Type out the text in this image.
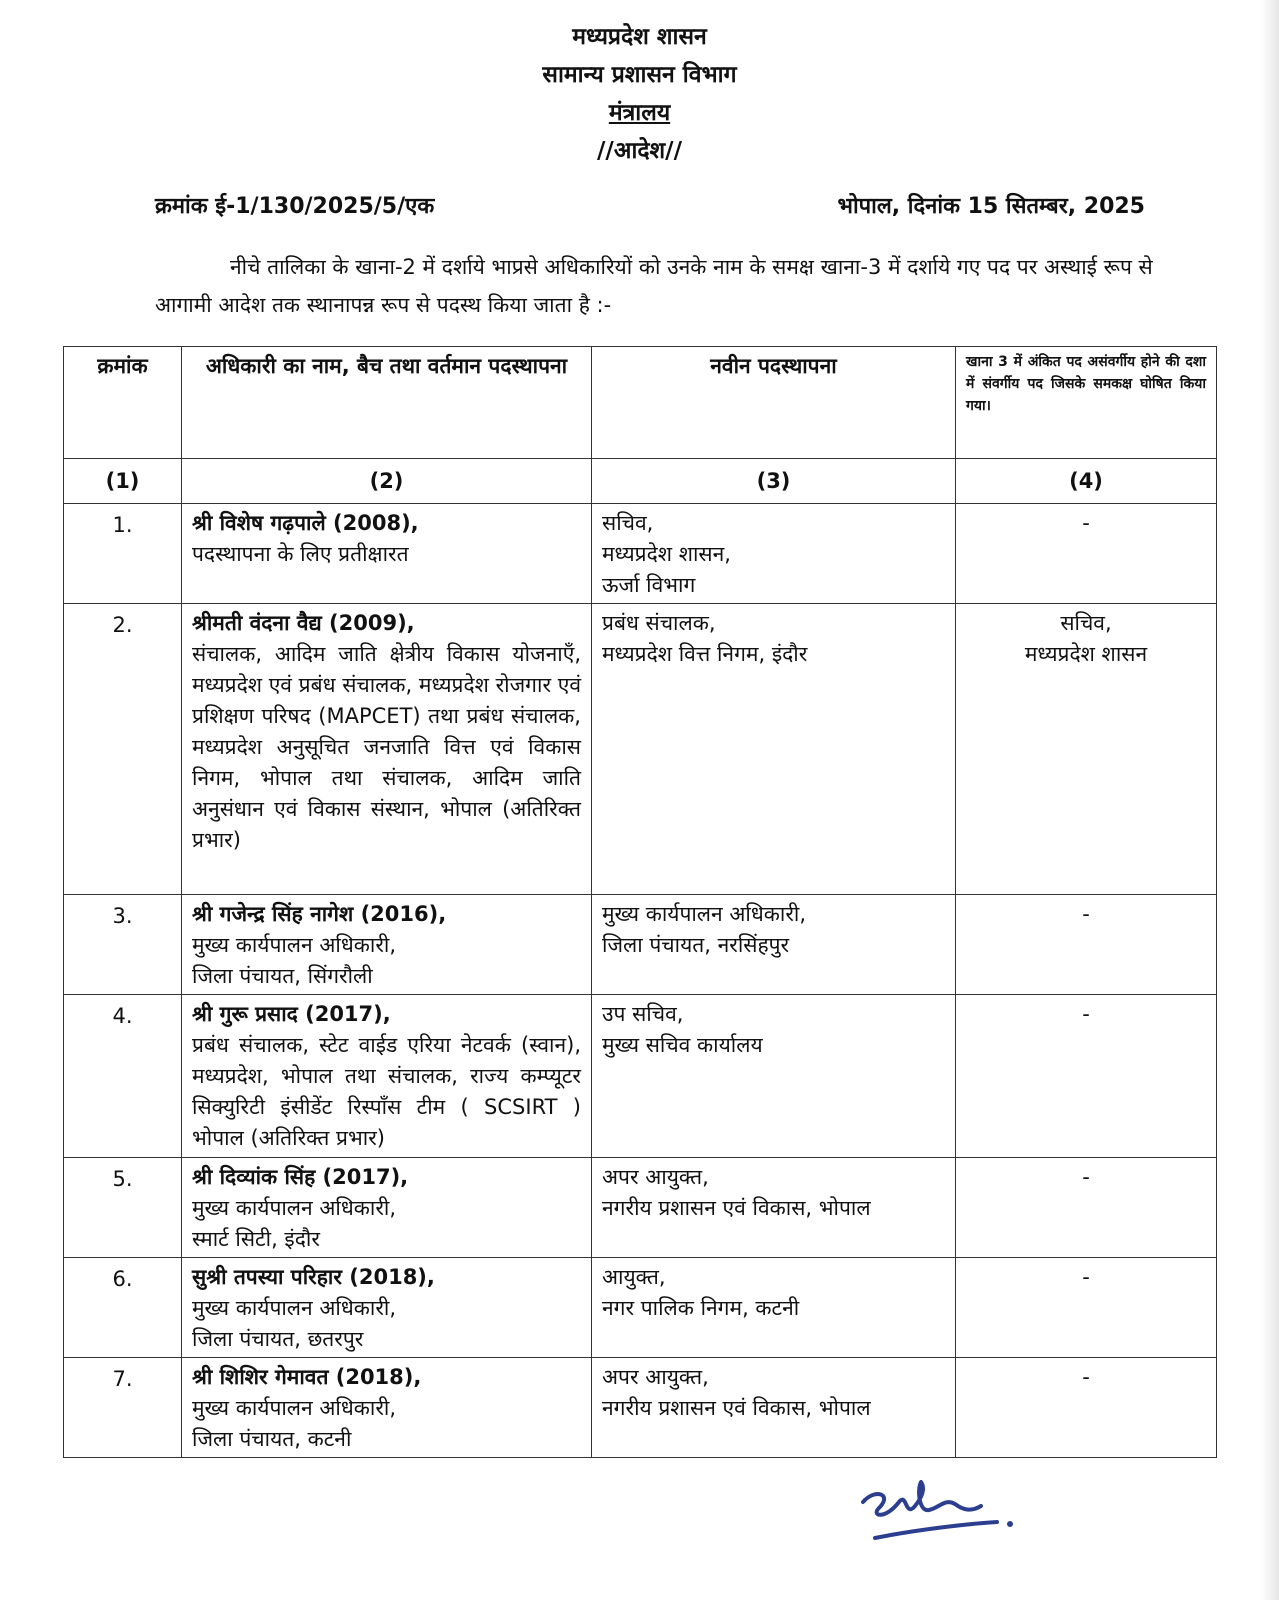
मध्यप्रदेश शासन
सामान्य प्रशासन विभाग
मंत्रालय
//आदेश//
क्रमांक ई-1/130/2025/5/एक	भोपाल, दिनांक 15 सितम्बर, 2025
नीचे तालिका के खाना-2 में दर्शाये भाप्रसे अधिकारियों को उनके नाम के समक्ष खाना-3 में दर्शाये गए पद पर अस्थाई रूप से आगामी आदेश तक स्थानापन्न रूप से पदस्थ किया जाता है :-
क्रमांक	अधिकारी का नाम, बैच तथा वर्तमान पदस्थापना	नवीन पदस्थापना	खाना 3 में अंकित पद असंवर्गीय होने की दशा में संवर्गीय पद जिसके समकक्ष घोषित किया गया।
(1)	(2)	(3)	(4)
1.	श्री विशेष गढ़पाले (2008),
पदस्थापना के लिए प्रतीक्षारत	सचिव,
मध्यप्रदेश शासन,
ऊर्जा विभाग	-
2.	श्रीमती वंदना वैद्य (2009),
संचालक, आदिम जाति क्षेत्रीय विकास योजनाएँ, मध्यप्रदेश एवं प्रबंध संचालक, मध्यप्रदेश रोजगार एवं प्रशिक्षण परिषद (MAPCET) तथा प्रबंध संचालक, मध्यप्रदेश अनुसूचित जनजाति वित्त एवं विकास निगम, भोपाल तथा संचालक, आदिम जाति अनुसंधान एवं विकास संस्थान, भोपाल (अतिरिक्त प्रभार)	प्रबंध संचालक,
मध्यप्रदेश वित्त निगम, इंदौर	सचिव,
मध्यप्रदेश शासन
3.	श्री गजेन्द्र सिंह नागेश (2016),
मुख्य कार्यपालन अधिकारी,
जिला पंचायत, सिंगरौली	मुख्य कार्यपालन अधिकारी,
जिला पंचायत, नरसिंहपुर	-
4.	श्री गुरू प्रसाद (2017),
प्रबंध संचालक, स्टेट वाईड एरिया नेटवर्क (स्वान), मध्यप्रदेश, भोपाल तथा संचालक, राज्य कम्प्यूटर सिक्युरिटी इंसीडेंट रिस्पाँस टीम ( SCSIRT ) भोपाल (अतिरिक्त प्रभार)	उप सचिव,
मुख्य सचिव कार्यालय	-
5.	श्री दिव्यांक सिंह (2017),
मुख्य कार्यपालन अधिकारी,
स्मार्ट सिटी, इंदौर	अपर आयुक्त,
नगरीय प्रशासन एवं विकास, भोपाल	-
6.	सुश्री तपस्या परिहार (2018),
मुख्य कार्यपालन अधिकारी,
जिला पंचायत, छतरपुर	आयुक्त,
नगर पालिक निगम, कटनी	-
7.	श्री शिशिर गेमावत (2018),
मुख्य कार्यपालन अधिकारी,
जिला पंचायत, कटनी	अपर आयुक्त,
नगरीय प्रशासन एवं विकास, भोपाल	-
